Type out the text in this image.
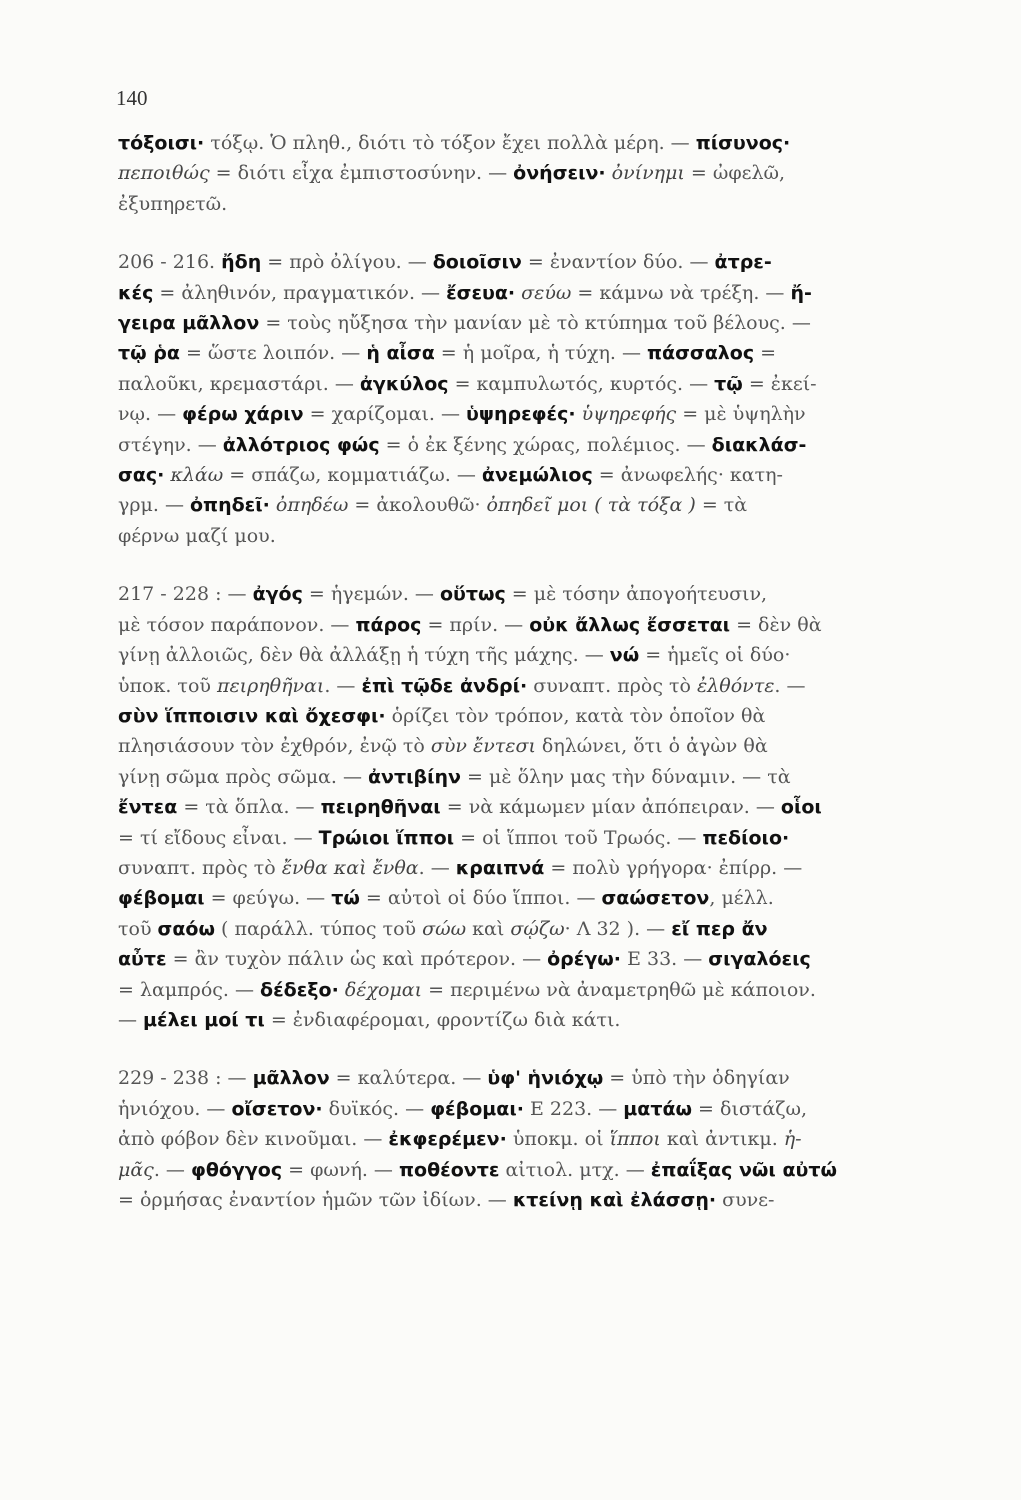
140
τόξοισι· τόξῳ. Ὁ πληθ., διότι τὸ τόξον ἔχει πολλὰ μέρη. — πίσυνος·
πεποιθώς = διότι εἶχα ἐμπιστοσύνην. — ὀνήσειν· ὀνίνημι = ὠφελῶ,
ἐξυπηρετῶ.
206 - 216. ἤδη = πρὸ ὀλίγου. — δοιοῖσιν = ἐναντίον δύο. — ἀτρε-
κές = ἀληθινόν, πραγματικόν. — ἔσευα· σεύω = κάμνω νὰ τρέξη. — ἤ-
γειρα μᾶλλον = τοὺς ηὔξησα τὴν μανίαν μὲ τὸ κτύπημα τοῦ βέλους. —
τῷ ῥα = ὥστε λοιπόν. — ἡ αἶσα = ἡ μοῖρα, ἡ τύχη. — πάσσαλος =
παλοῦκι, κρεμαστάρι. — ἀγκύλος = καμπυλωτός, κυρτός. — τῷ = ἐκεί-
νῳ. — φέρω χάριν = χαρίζομαι. — ὑψηρεφές· ὑψηρεφής = μὲ ὑψηλὴν
στέγην. — ἀλλότριος φώς = ὁ ἐκ ξένης χώρας, πολέμιος. — διακλάσ-
σας· κλάω = σπάζω, κομματιάζω. — ἀνεμώλιος = ἀνωφελής· κατη-
γρμ. — ὀπηδεῖ· ὀπηδέω = ἀκολουθῶ· ὀπηδεῖ μοι ( τὰ τόξα ) = τὰ
φέρνω μαζί μου.
217 - 228 : — ἀγός = ἡγεμών. — οὕτως = μὲ τόσην ἀπογοήτευσιν,
μὲ τόσον παράπονον. — πάρος = πρίν. — οὐκ ἄλλως ἔσσεται = δὲν θὰ
γίνῃ ἀλλοιῶς, δὲν θὰ ἀλλάξῃ ἡ τύχη τῆς μάχης. — νώ = ἡμεῖς οἱ δύο·
ὑποκ. τοῦ πειρηθῆναι. — ἐπὶ τῷδε ἀνδρί· συναπτ. πρὸς τὸ ἐλθόντε. —
σὺν ἵπποισιν καὶ ὄχεσφι· ὁρίζει τὸν τρόπον, κατὰ τὸν ὁποῖον θὰ
πλησιάσουν τὸν ἐχθρόν, ἐνῷ τὸ σὺν ἔντεσι δηλώνει, ὅτι ὁ ἀγὼν θὰ
γίνῃ σῶμα πρὸς σῶμα. — ἀντιβίην = μὲ ὅλην μας τὴν δύναμιν. — τὰ
ἔντεα = τὰ ὅπλα. — πειρηθῆναι = νὰ κάμωμεν μίαν ἀπόπειραν. — οἷοι
= τί εἴδους εἶναι. — Τρώιοι ἵπποι = οἱ ἵπποι τοῦ Τρωός. — πεδίοιο·
συναπτ. πρὸς τὸ ἔνθα καὶ ἔνθα. — κραιπνά = πολὺ γρήγορα· ἐπίρρ. —
φέβομαι = φεύγω. — τώ = αὐτοὶ οἱ δύο ἵπποι. — σαώσετον, μέλλ.
τοῦ σαόω ( παράλλ. τύπος τοῦ σώω καὶ σῴζω· Λ 32 ). — εἴ περ ἄν
αὖτε = ἂν τυχὸν πάλιν ὡς καὶ πρότερον. — ὀρέγω· Ε 33. — σιγαλόεις
= λαμπρός. — δέδεξο· δέχομαι = περιμένω νὰ ἀναμετρηθῶ μὲ κάποιον.
— μέλει μοί τι = ἐνδιαφέρομαι, φροντίζω διὰ κάτι.
229 - 238 : — μᾶλλον = καλύτερα. — ὑφ' ἡνιόχῳ = ὑπὸ τὴν ὁδηγίαν
ἡνιόχου. — οἴσετον· δυϊκός. — φέβομαι· Ε 223. — ματάω = διστάζω,
ἀπὸ φόβον δὲν κινοῦμαι. — ἐκφερέμεν· ὑποκμ. οἱ ἵπποι καὶ ἀντικμ. ἡ-
μᾶς. — φθόγγος = φωνή. — ποθέοντε αἰτιολ. μτχ. — ἐπαΐξας νῶι αὐτώ
= ὁρμήσας ἐναντίον ἡμῶν τῶν ἰδίων. — κτείνῃ καὶ ἐλάσσῃ· συνε-
